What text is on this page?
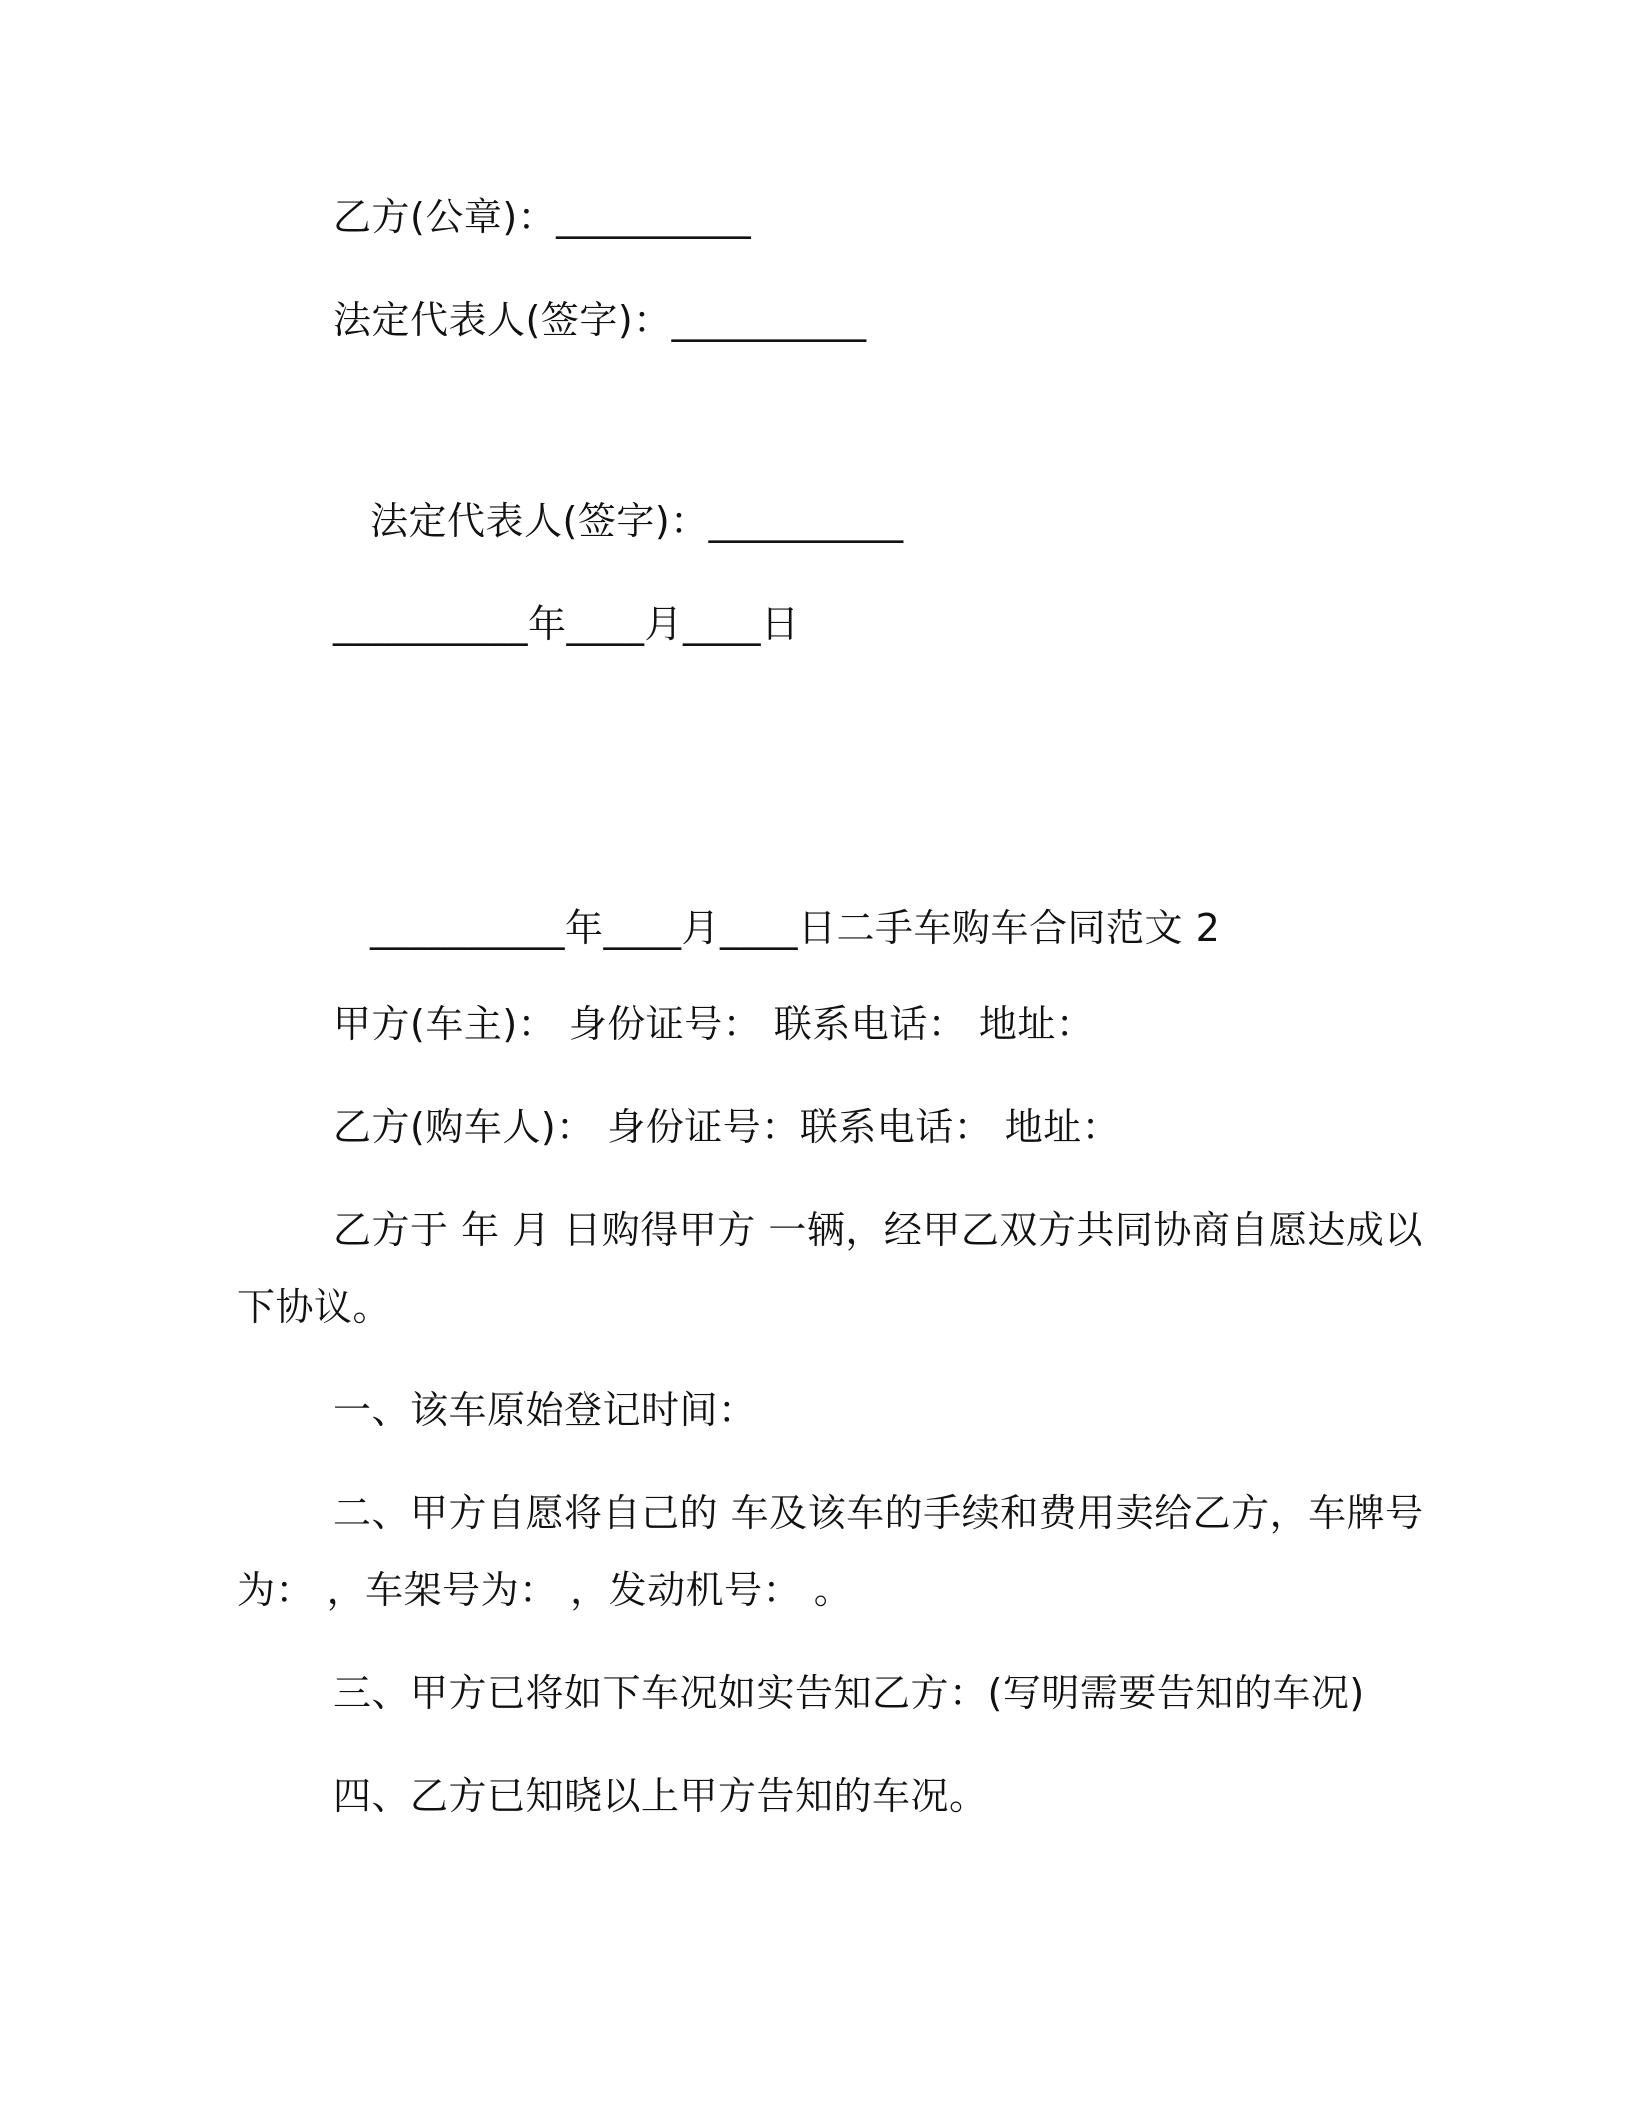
乙方(公章)：__________
法定代表人(签字)：__________
法定代表人(签字)：__________
__________年____月____日
__________年____月____日二手车购车合同范文 2
甲方(车主)： 身份证号： 联系电话： 地址：
乙方(购车人)： 身份证号：联系电话： 地址：
乙方于 年 月 日购得甲方 一辆，经甲乙双方共同协商自愿达成以
下协议。
一、该车原始登记时间：
二、甲方自愿将自己的 车及该车的手续和费用卖给乙方，车牌号
为： ，车架号为： ，发动机号： 。
三、甲方已将如下车况如实告知乙方：(写明需要告知的车况)
四、乙方已知晓以上甲方告知的车况。
